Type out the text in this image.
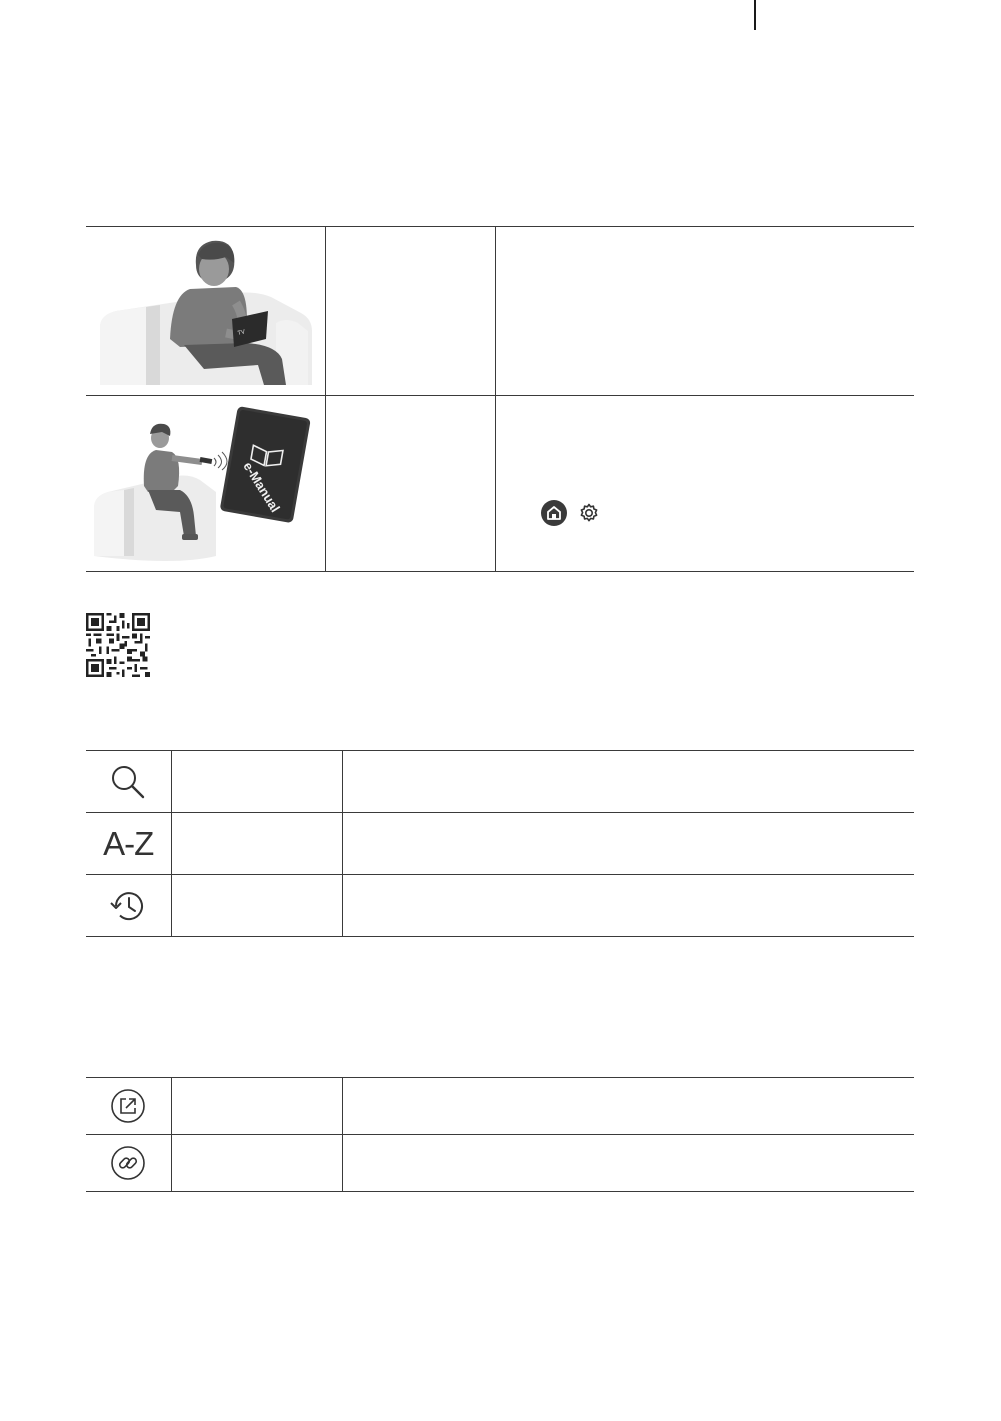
TV		

e-Manual

A-Z		
